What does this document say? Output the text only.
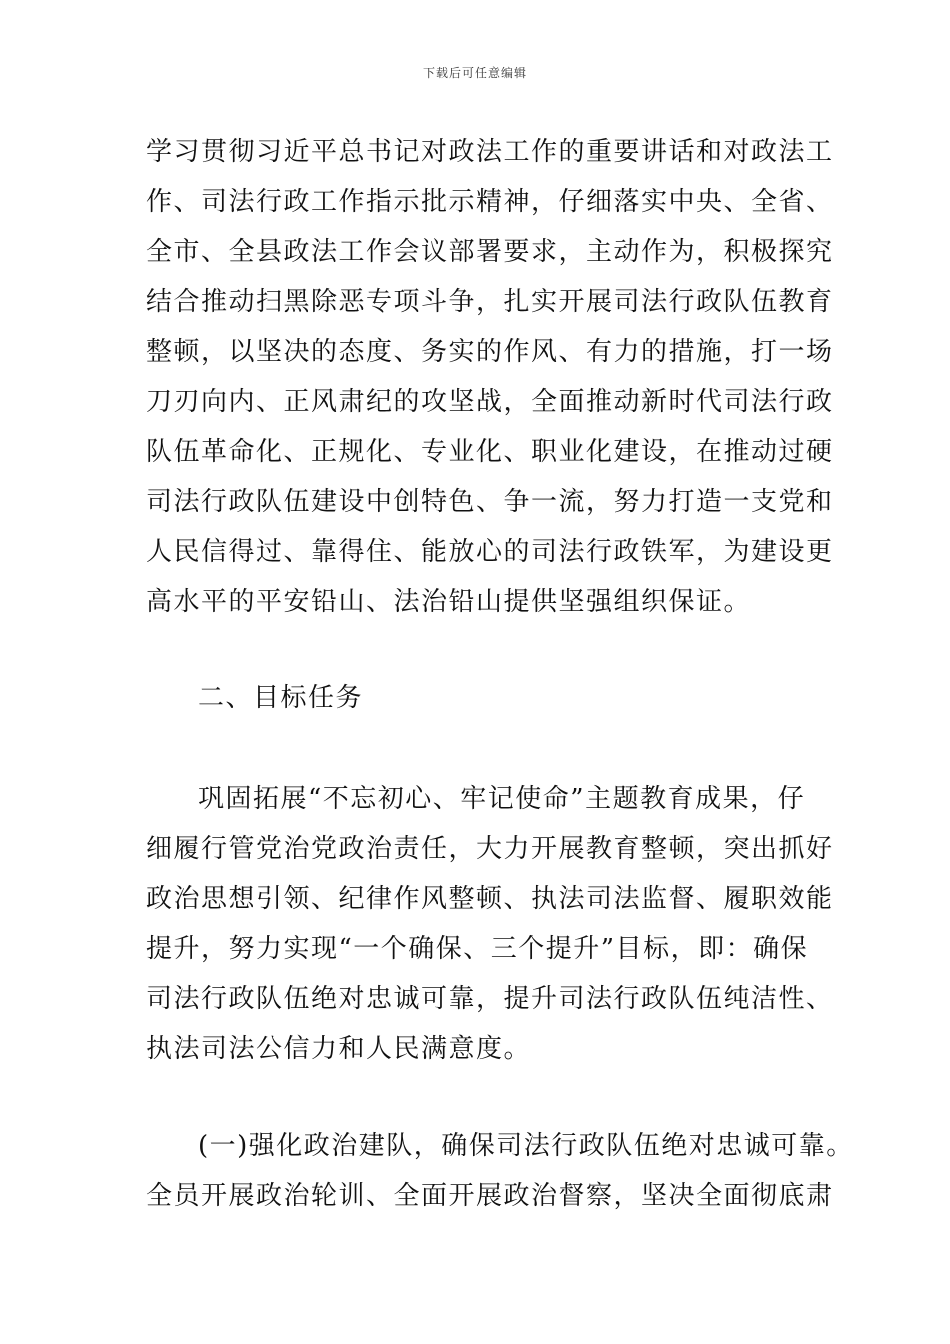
下载后可任意编辑
学习贯彻习近平总书记对政法工作的重要讲话和对政法工
作、司法行政工作指示批示精神，仔细落实中央、全省、
全市、全县政法工作会议部署要求，主动作为，积极探究
结合推动扫黑除恶专项斗争，扎实开展司法行政队伍教育
整顿，以坚决的态度、务实的作风、有力的措施，打一场
刀刃向内、正风肃纪的攻坚战，全面推动新时代司法行政
队伍革命化、正规化、专业化、职业化建设，在推动过硬
司法行政队伍建设中创特色、争一流，努力打造一支党和
人民信得过、靠得住、能放心的司法行政铁军，为建设更
高水平的平安铅山、法治铅山提供坚强组织保证。
二、目标任务
巩固拓展“不忘初心、牢记使命”主题教育成果，仔
细履行管党治党政治责任，大力开展教育整顿，突出抓好
政治思想引领、纪律作风整顿、执法司法监督、履职效能
提升，努力实现“一个确保、三个提升”目标，即：确保
司法行政队伍绝对忠诚可靠，提升司法行政队伍纯洁性、
执法司法公信力和人民满意度。
(一)强化政治建队，确保司法行政队伍绝对忠诚可靠。
全员开展政治轮训、全面开展政治督察，坚决全面彻底肃
